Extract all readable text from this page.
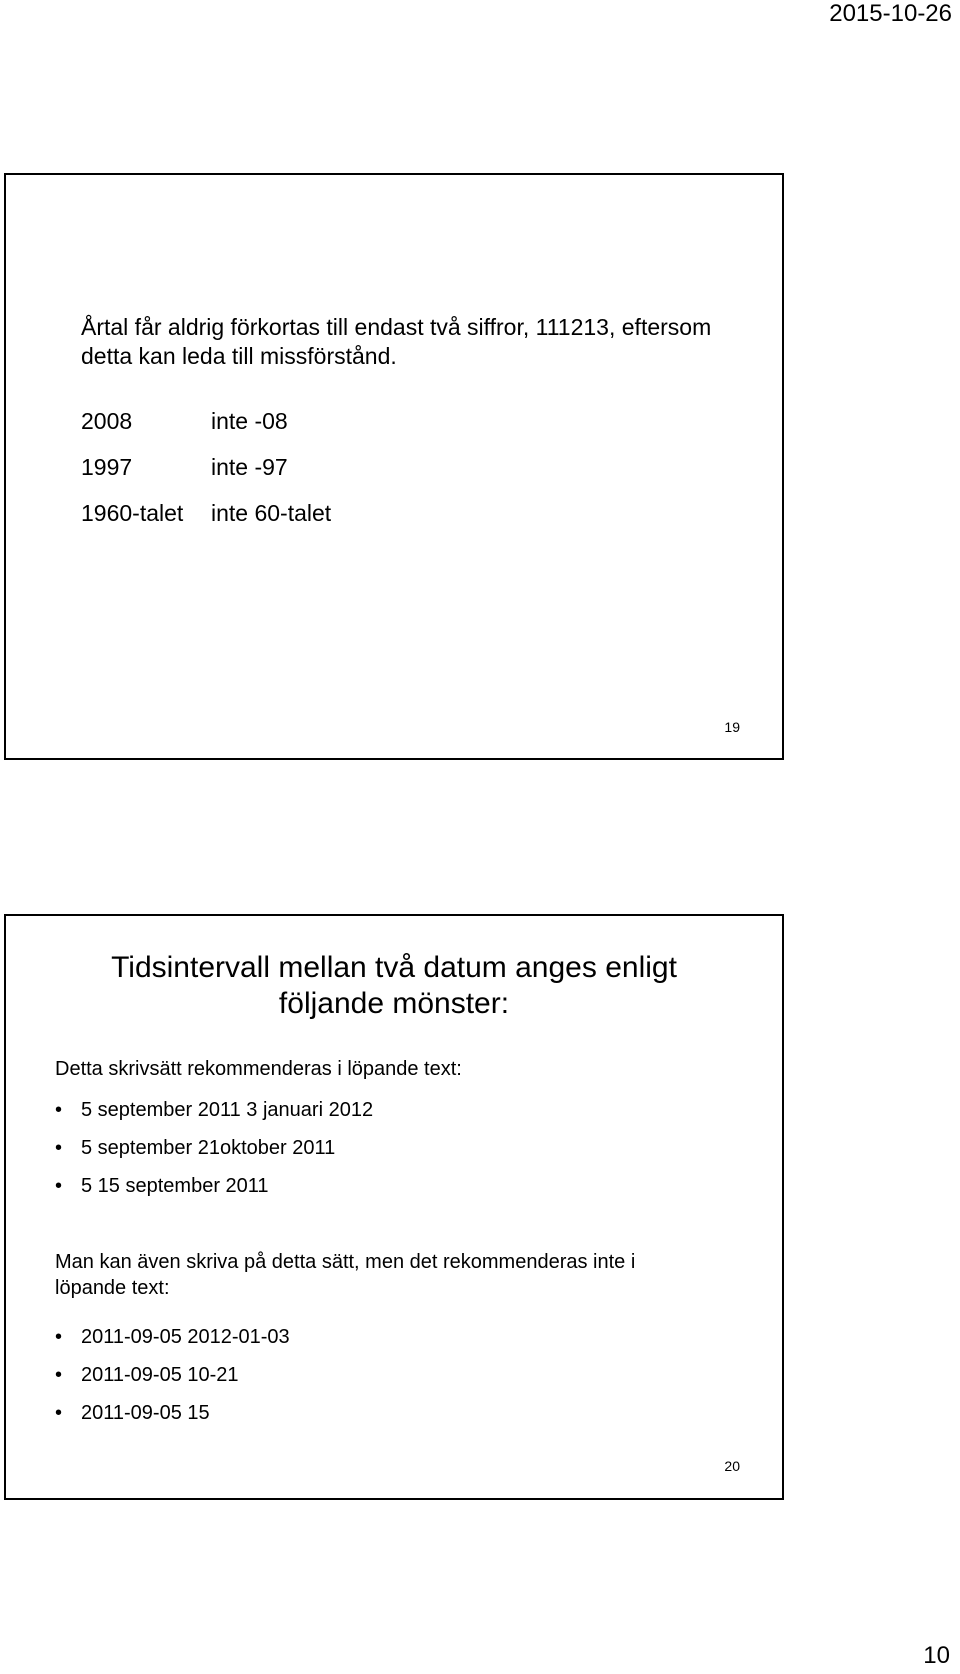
2015-10-26

Årtal får aldrig förkortas till endast två siffror, 111213, eftersom detta kan leda till missförstånd.

2008	inte -08
1997	inte -97
1960-talet	inte 60-talet
19
Tidsintervall mellan två datum anges enligt
följande mönster:

Detta skrivsätt rekommenderas i löpande text:

• 5 september 2011 3 januari 2012
• 5 september 21oktober 2011
• 5 15 september 2011

Man kan även skriva på detta sätt, men det rekommenderas inte i löpande text:

• 2011-09-05 2012-01-03
• 2011-09-05 10-21
• 2011-09-05 15
20
10
